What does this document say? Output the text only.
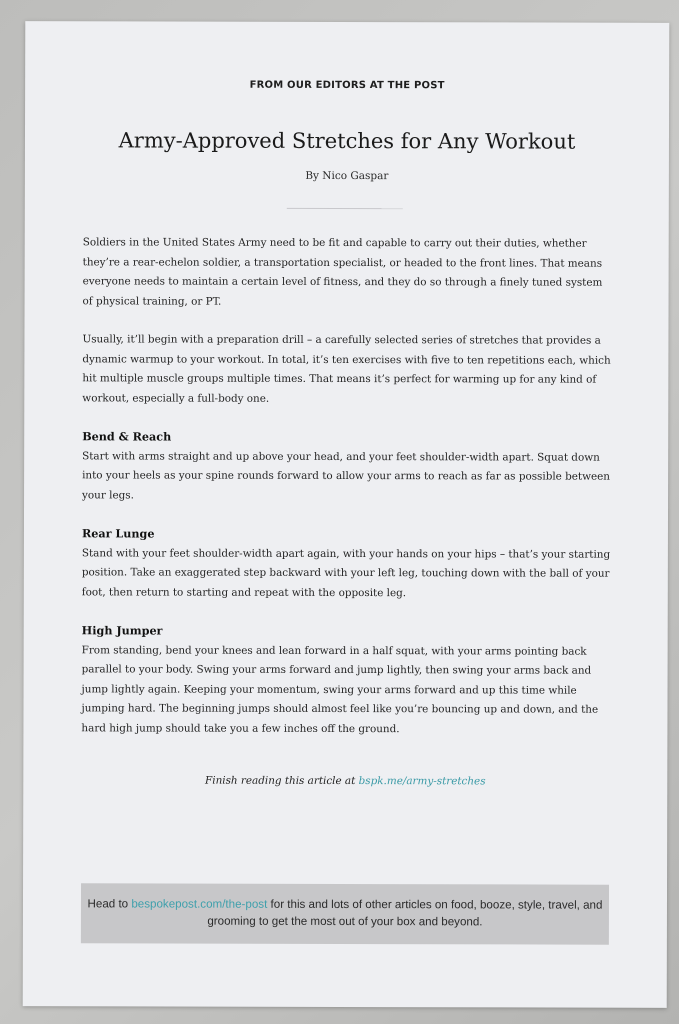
FROM OUR EDITORS AT THE POST
Army-Approved Stretches for Any Workout
By Nico Gaspar

Soldiers in the United States Army need to be fit and capable to carry out their duties, whether they’re a rear-echelon soldier, a transportation specialist, or headed to the front lines. That means everyone needs to maintain a certain level of fitness, and they do so through a finely tuned system of physical training, or PT.

Usually, it’ll begin with a preparation drill – a carefully selected series of stretches that provides a dynamic warmup to your workout. In total, it’s ten exercises with five to ten repetitions each, which hit multiple muscle groups multiple times. That means it’s perfect for warming up for any kind of workout, especially a full-body one.

Bend & Reach
Start with arms straight and up above your head, and your feet shoulder-width apart. Squat down into your heels as your spine rounds forward to allow your arms to reach as far as possible between your legs.
Rear Lunge
Stand with your feet shoulder-width apart again, with your hands on your hips – that’s your starting position. Take an exaggerated step backward with your left leg, touching down with the ball of your foot, then return to starting and repeat with the opposite leg.
High Jumper
From standing, bend your knees and lean forward in a half squat, with your arms pointing back parallel to your body. Swing your arms forward and jump lightly, then swing your arms back and jump lightly again. Keeping your momentum, swing your arms forward and up this time while jumping hard. The beginning jumps should almost feel like you’re bouncing up and down, and the hard high jump should take you a few inches off the ground.
Finish reading this article at bspk.me/army-stretches
Head to bespokepost.com/the-post for this and lots of other articles on food, booze, style, travel, and grooming to get the most out of your box and beyond.
